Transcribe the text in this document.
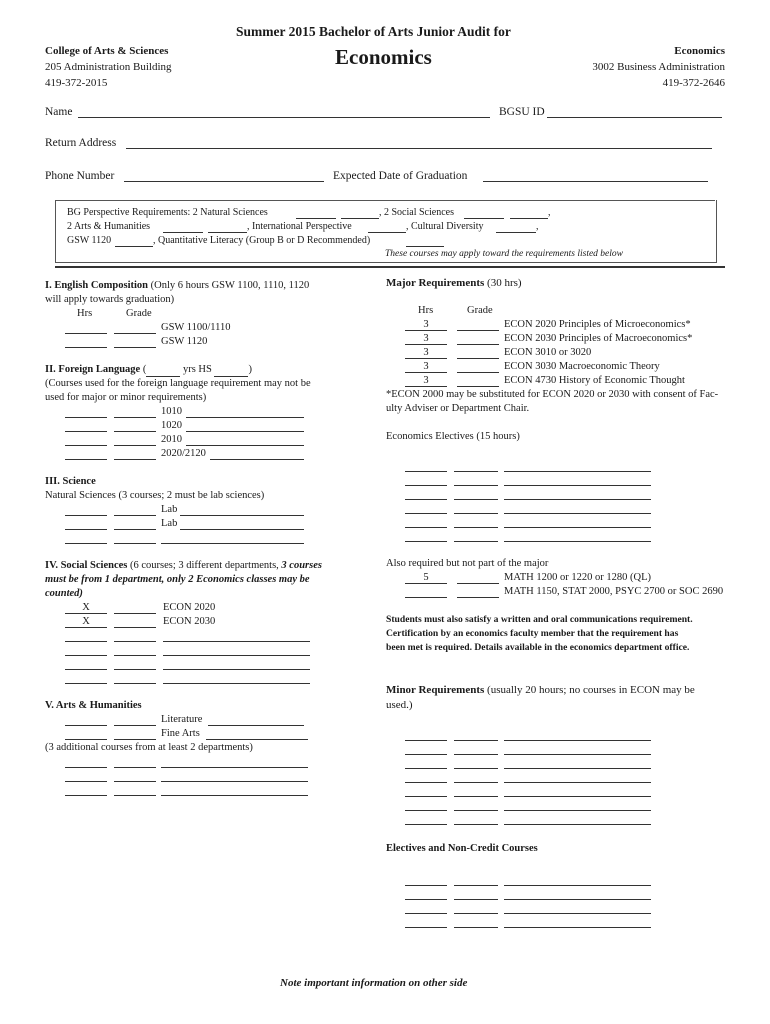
Summer 2015 Bachelor of Arts Junior Audit for
Economics
College of Arts & Sciences
205 Administration Building
419-372-2015
Economics
3002 Business Administration
419-372-2646
Name	BGSU ID
Return Address
Phone Number	Expected Date of Graduation
BG Perspective Requirements: 2 Natural Sciences	, 2 Social Sciences	,
2 Arts & Humanities	, International Perspective	, Cultural Diversity	,
GSW 1120	, Quantitative Literacy (Group B or D Recommended)
These courses may apply toward the requirements listed below
I. English Composition (Only 6 hours GSW 1100, 1110, 1120
will apply towards graduation)
Hrs	Grade
GSW 1100/1110
GSW 1120
II. Foreign Language (	yrs HS	)
(Courses used for the foreign language requirement may not be
used for major or minor requirements)
1010
1020
2010
2020/2120
III. Science
Natural Sciences (3 courses; 2 must be lab sciences)
Lab
Lab
IV. Social Sciences (6 courses; 3 different departments, 3 courses
must be from 1 department, only 2 Economics classes may be
counted)
X	ECON 2020
X	ECON 2030
V. Arts & Humanities
Literature
Fine Arts
(3 additional courses from at least 2 departments)
Major Requirements (30 hrs)
Hrs	Grade
3	ECON 2020 Principles of Microeconomics*
3	ECON 2030 Principles of Macroeconomics*
3	ECON 3010 or 3020
3	ECON 3030 Macroeconomic Theory
3	ECON 4730 History of Economic Thought
*ECON 2000 may be substituted for ECON 2020 or 2030 with consent of Fac-
ulty Adviser or Department Chair.
Economics Electives (15 hours)
Also required but not part of the major
5	MATH 1200 or 1220 or 1280 (QL)
MATH 1150, STAT 2000, PSYC 2700 or SOC 2690
Students must also satisfy a written and oral communications requirement.
Certification by an economics faculty member that the requirement has
been met is required. Details available in the economics department office.
Minor Requirements (usually 20 hours; no courses in ECON may be
used.)
Electives and Non-Credit Courses
Note important information on other side
